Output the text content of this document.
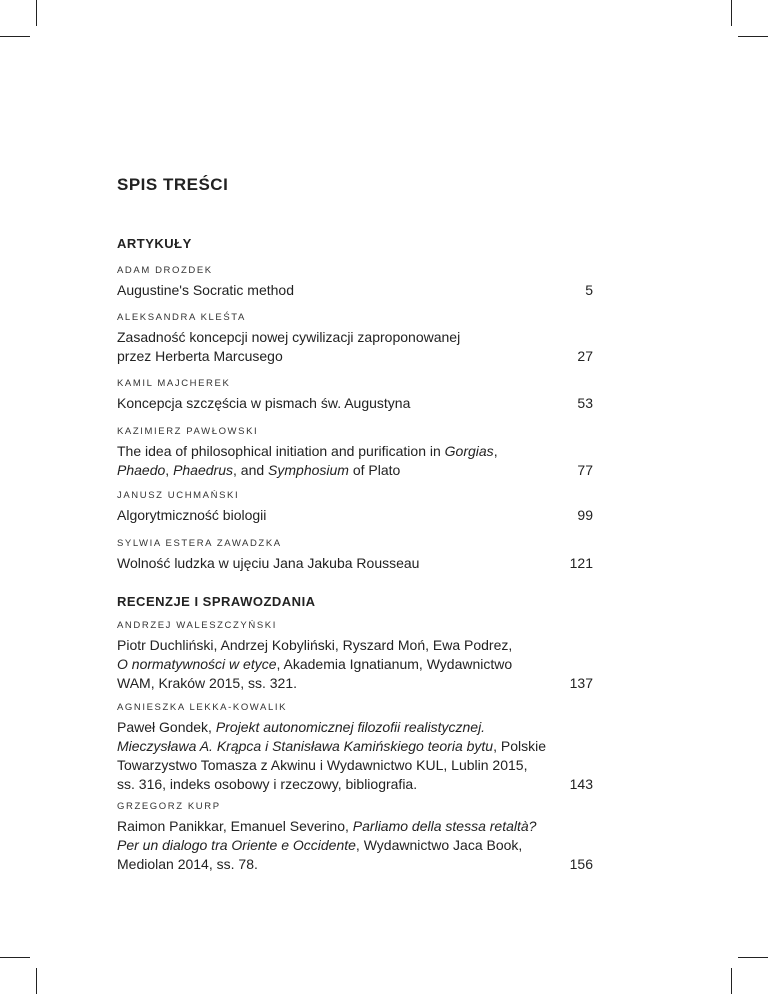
SPIS TREŚCI
ARTYKUŁY
ADAM DROZDEK
Augustine's Socratic method	5
ALEKSANDRA KLEŚTA
Zasadność koncepcji nowej cywilizacji zaproponowanej
przez Herberta Marcusego	27
KAMIL MAJCHEREK
Koncepcja szczęścia w pismach św. Augustyna	53
KAZIMIERZ PAWŁOWSKI
The idea of philosophical initiation and purification in Gorgias,
Phaedo, Phaedrus, and Symphosium of Plato	77
JANUSZ UCHMAŃSKI
Algorytmiczność biologii	99
SYLWIA ESTERA ZAWADZKA
Wolność ludzka w ujęciu Jana Jakuba Rousseau	121
RECENZJE I SPRAWOZDANIA
ANDRZEJ WALESZCZYŃSKI
Piotr Duchliński, Andrzej Kobyliński, Ryszard Moń, Ewa Podrez,
O normatywności w etyce, Akademia Ignatianum, Wydawnictwo
WAM, Kraków 2015, ss. 321.	137
AGNIESZKA LEKKA-KOWALIK
Paweł Gondek, Projekt autonomicznej filozofii realistycznej.
Mieczysława A. Krąpca i Stanisława Kamińskiego teoria bytu, Polskie
Towarzystwo Tomasza z Akwinu i Wydawnictwo KUL, Lublin 2015,
ss. 316, indeks osobowy i rzeczowy, bibliografia.	143
GRZEGORZ KURP
Raimon Panikkar, Emanuel Severino, Parliamo della stessa retaltà?
Per un dialogo tra Oriente e Occidente, Wydawnictwo Jaca Book,
Mediolan 2014, ss. 78.	156
